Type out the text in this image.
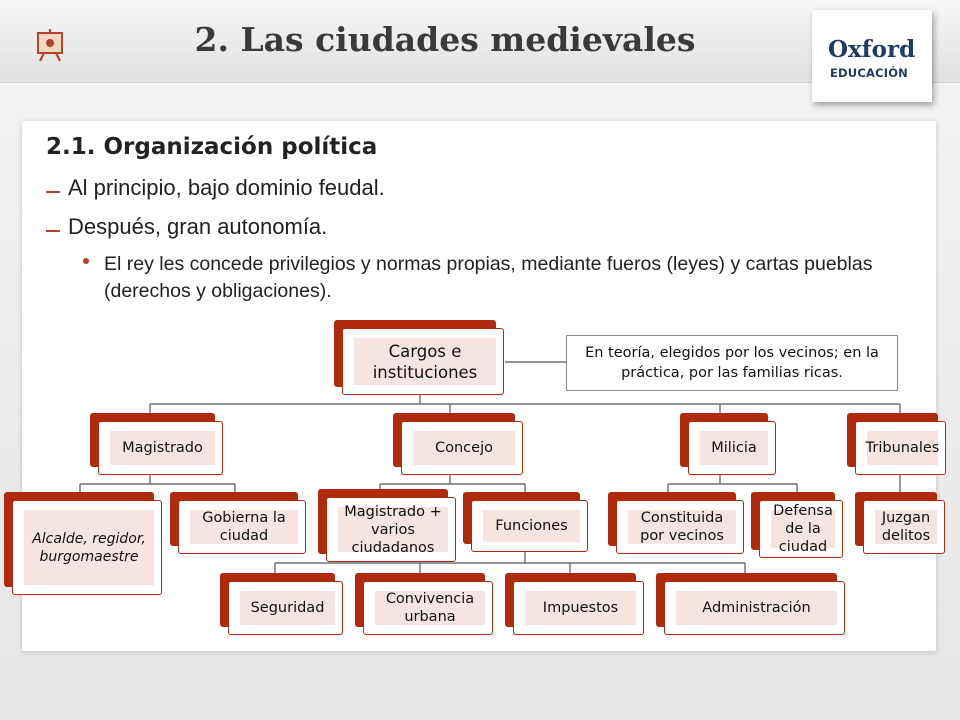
2. Las ciudades medievales	Oxford
EDUCACIÓN
2.1. Organización política
Al principio, bajo dominio feudal.
Después, gran autonomía.
El rey les concede privilegios y normas propias, mediante fueros (leyes) y cartas pueblas (derechos y obligaciones).
Cargos e instituciones
En teoría, elegidos por los vecinos; en la práctica, por las familias ricas.
Magistrado	Concejo	Milicia	Tribunales
Alcalde, regidor, burgomaestre
Gobierna la ciudad
Magistrado + varios ciudadanos
Funciones	Constituida por vecinos
Defensa de la ciudad
Juzgan delitos
Seguridad
Convivencia urbana
Impuestos	Administración
